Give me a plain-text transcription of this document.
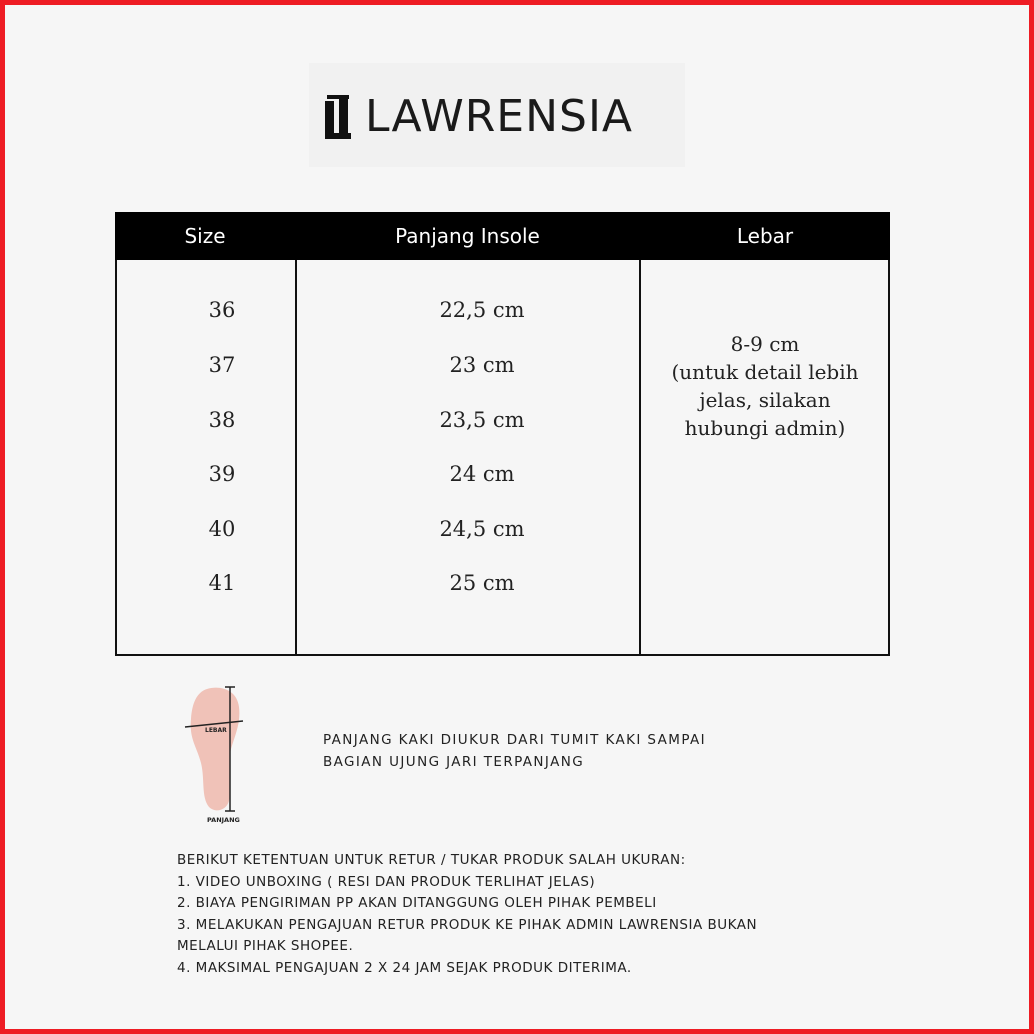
LAWRENSIA
Size	Panjang Insole	Lebar
36	22,5 cm
37	23 cm
38	23,5 cm
39	24 cm
40	24,5 cm
41	25 cm
8-9 cm
(untuk detail lebih
jelas, silakan
hubungi admin)
LEBAR
PANJANG
PANJANG KAKI DIUKUR DARI TUMIT KAKI SAMPAI
BAGIAN UJUNG JARI TERPANJANG
BERIKUT KETENTUAN UNTUK RETUR / TUKAR PRODUK SALAH UKURAN:
1. VIDEO UNBOXING ( RESI DAN PRODUK TERLIHAT JELAS)
2. BIAYA PENGIRIMAN PP AKAN DITANGGUNG OLEH PIHAK PEMBELI
3. MELAKUKAN PENGAJUAN RETUR PRODUK KE PIHAK ADMIN LAWRENSIA BUKAN
MELALUI PIHAK SHOPEE.
4. MAKSIMAL PENGAJUAN 2 X 24 JAM SEJAK PRODUK DITERIMA.
